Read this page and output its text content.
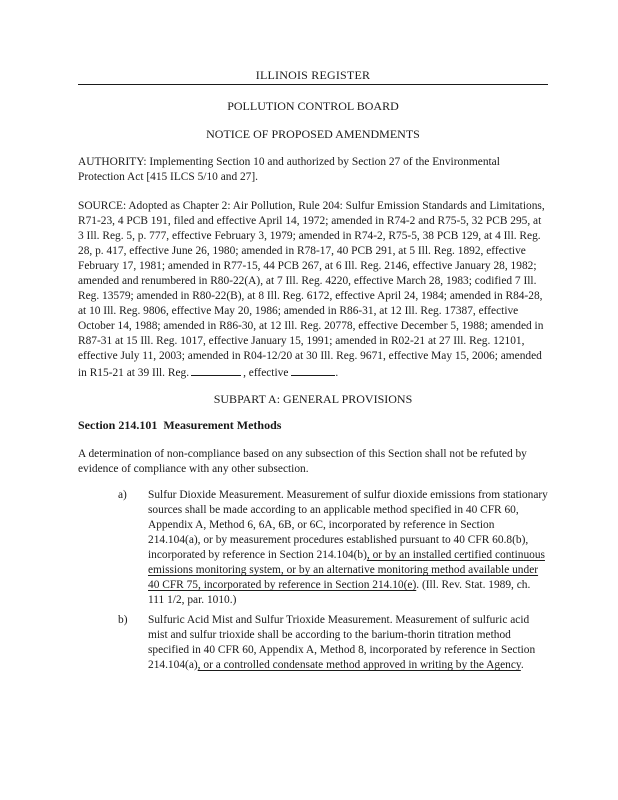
ILLINOIS REGISTER
POLLUTION CONTROL BOARD
NOTICE OF PROPOSED AMENDMENTS
AUTHORITY: Implementing Section 10 and authorized by Section 27 of the Environmental Protection Act [415 ILCS 5/10 and 27].
SOURCE: Adopted as Chapter 2: Air Pollution, Rule 204: Sulfur Emission Standards and Limitations, R71-23, 4 PCB 191, filed and effective April 14, 1972; amended in R74-2 and R75-5, 32 PCB 295, at 3 Ill. Reg. 5, p. 777, effective February 3, 1979; amended in R74-2, R75-5, 38 PCB 129, at 4 Ill. Reg. 28, p. 417, effective June 26, 1980; amended in R78-17, 40 PCB 291, at 5 Ill. Reg. 1892, effective February 17, 1981; amended in R77-15, 44 PCB 267, at 6 Ill. Reg. 2146, effective January 28, 1982; amended and renumbered in R80-22(A), at 7 Ill. Reg. 4220, effective March 28, 1983; codified 7 Ill. Reg. 13579; amended in R80-22(B), at 8 Ill. Reg. 6172, effective April 24, 1984; amended in R84-28, at 10 Ill. Reg. 9806, effective May 20, 1986; amended in R86-31, at 12 Ill. Reg. 17387, effective October 14, 1988; amended in R86-30, at 12 Ill. Reg. 20778, effective December 5, 1988; amended in R87-31 at 15 Ill. Reg. 1017, effective January 15, 1991; amended in R02-21 at 27 Ill. Reg. 12101, effective July 11, 2003; amended in R04-12/20 at 30 Ill. Reg. 9671, effective May 15, 2006; amended in R15-21 at 39 Ill. Reg.	, effective	.
SUBPART A: GENERAL PROVISIONS
Section 214.101 Measurement Methods
A determination of non-compliance based on any subsection of this Section shall not be refuted by evidence of compliance with any other subsection.
a) Sulfur Dioxide Measurement. Measurement of sulfur dioxide emissions from stationary sources shall be made according to an applicable method specified in 40 CFR 60, Appendix A, Method 6, 6A, 6B, or 6C, incorporated by reference in Section 214.104(a), or by measurement procedures established pursuant to 40 CFR 60.8(b), incorporated by reference in Section 214.104(b), or by an installed certified continuous emissions monitoring system, or by an alternative monitoring method available under 40 CFR 75, incorporated by reference in Section 214.10(e). (Ill. Rev. Stat. 1989, ch. 111 1/2, par. 1010.)
b) Sulfuric Acid Mist and Sulfur Trioxide Measurement. Measurement of sulfuric acid mist and sulfur trioxide shall be according to the barium-thorin titration method specified in 40 CFR 60, Appendix A, Method 8, incorporated by reference in Section 214.104(a), or a controlled condensate method approved in writing by the Agency.
